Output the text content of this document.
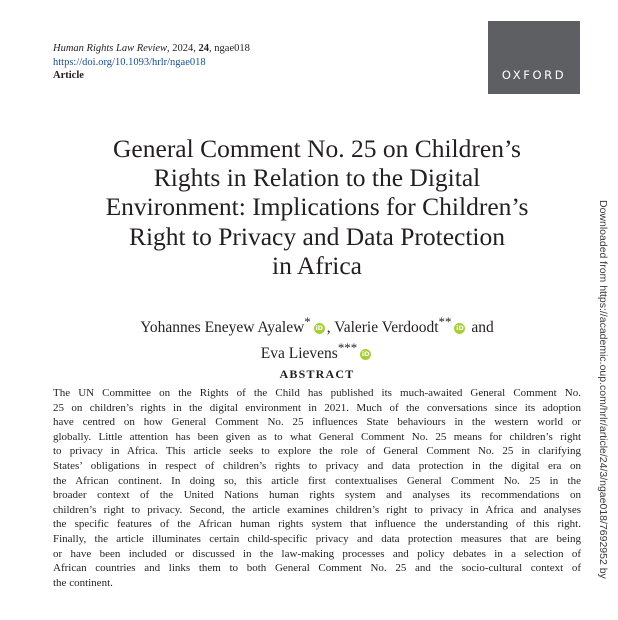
Human Rights Law Review, 2024, 24, ngae018
https://doi.org/10.1093/hrlr/ngae018
Article	OXFORD
General Comment No. 25 on Children’s
Rights in Relation to the Digital
Environment: Implications for Children’s
Right to Privacy and Data Protection
in Africa
Yohannes Eneyew Ayalew* iD , Valerie Verdoodt** iD and
Eva Lievens*** iD
ABSTRACT
The UN Committee on the Rights of the Child has published its much-awaited General Comment No.
25 on children’s rights in the digital environment in 2021. Much of the conversations since its adoption
have centred on how General Comment No. 25 influences State behaviours in the western world or
globally. Little attention has been given as to what General Comment No. 25 means for children’s right
to privacy in Africa. This article seeks to explore the role of General Comment No. 25 in clarifying
States’ obligations in respect of children’s rights to privacy and data protection in the digital era on
the African continent. In doing so, this article first contextualises General Comment No. 25 in the
broader context of the United Nations human rights system and analyses its recommendations on
children’s right to privacy. Second, the article examines children’s right to privacy in Africa and analyses
the specific features of the African human rights system that influence the understanding of this right.
Finally, the article illuminates certain child-specific privacy and data protection measures that are being
or have been included or discussed in the law-making processes and policy debates in a selection of
African countries and links them to both General Comment No. 25 and the socio-cultural context of
the continent.
Downloaded from https://academic.oup.com/hrlr/article/24/3/ngae018/7692952 by
